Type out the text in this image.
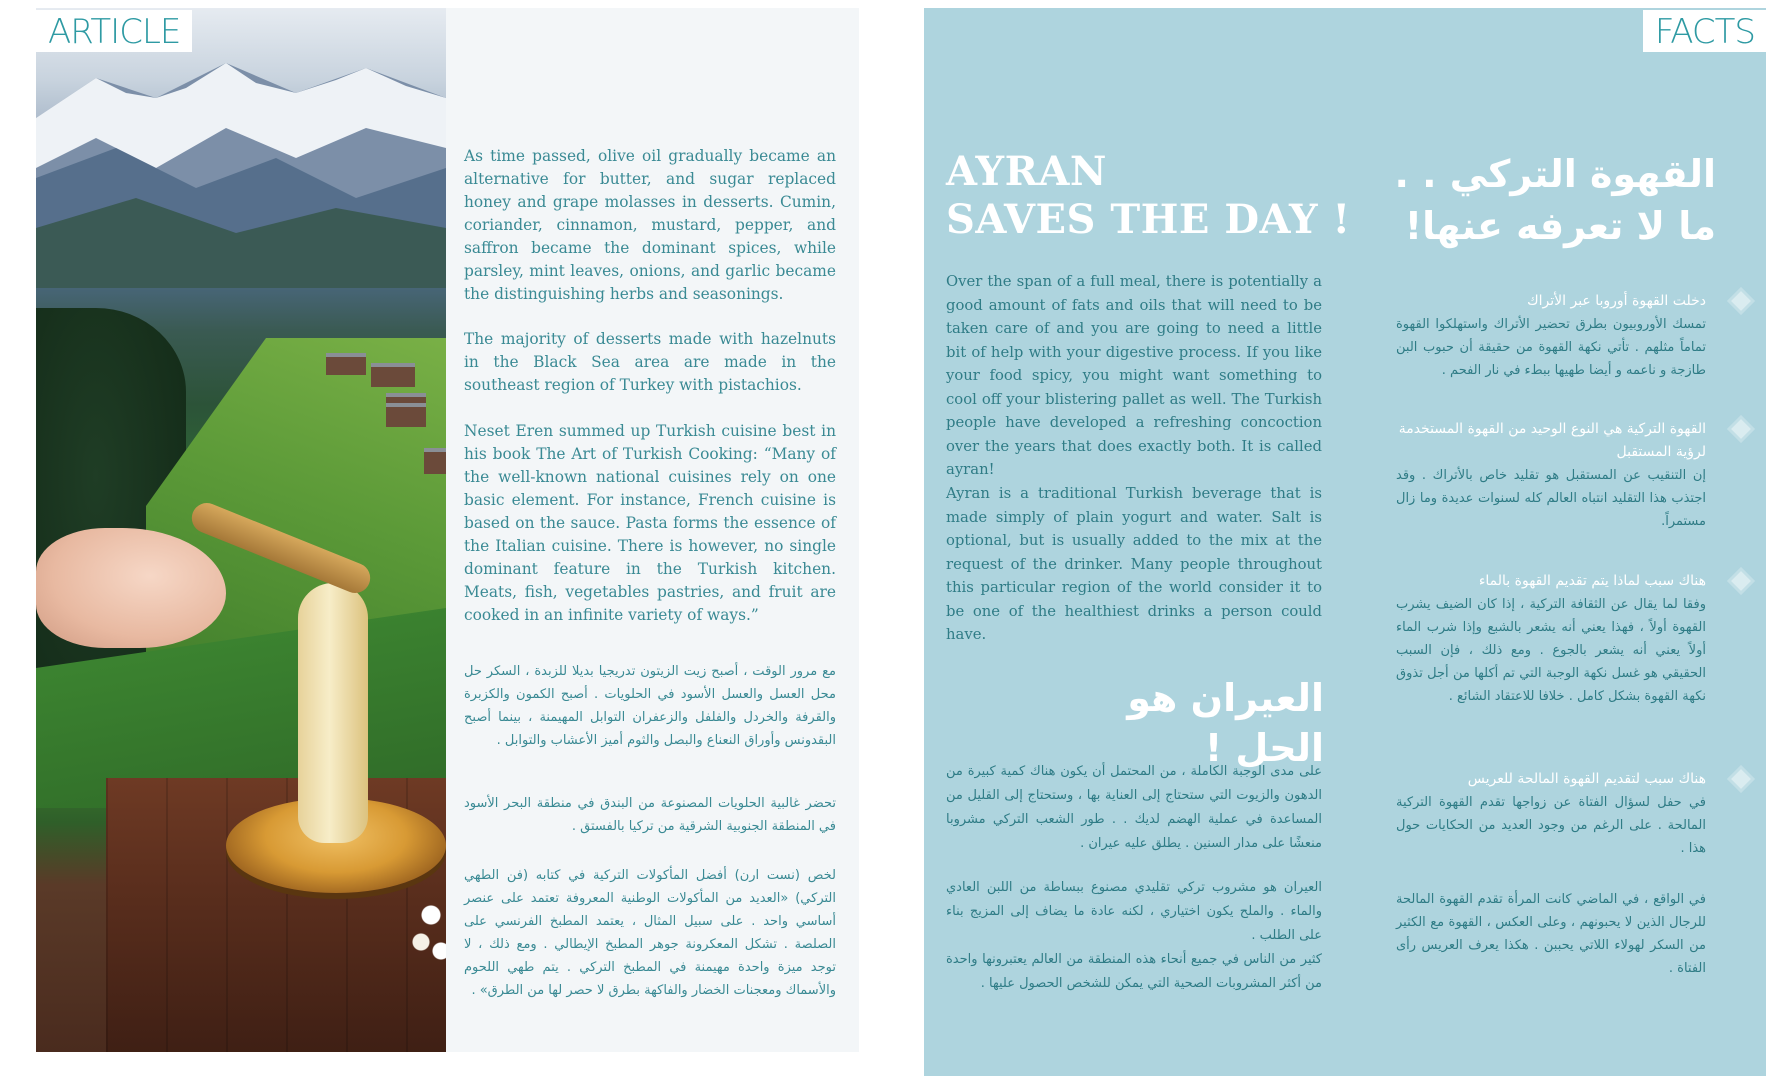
As time passed, olive oil gradually became an alternative for butter, and sugar replaced honey and grape molasses in desserts. Cumin, coriander, cinnamon, mustard, pepper, and saffron became the dominant spices, while parsley, mint leaves, onions, and garlic became the distinguishing herbs and seasonings.

The majority of desserts made with hazelnuts in the Black Sea area are made in the southeast region of Turkey with pistachios.

Neset Eren summed up Turkish cuisine best in his book The Art of Turkish Cooking: “Many of the well-known national cuisines rely on one basic element. For instance, French cuisine is based on the sauce. Pasta forms the essence of the Italian cuisine. There is however, no single dominant feature in the Turkish kitchen. Meats, fish, vegetables pastries, and fruit are cooked in an infinite variety of ways.”

مع مرور الوقت ، أصبح زيت الزيتون تدريجيا بديلا للزبدة ، السكر حل محل العسل والعسل الأسود في الحلويات . أصبح الكمون والكزبرة والقرفة والخردل والفلفل والزعفران التوابل المهيمنة ، بينما أصبح البقدونس وأوراق النعناع والبصل والثوم أميز الأعشاب والتوابل .

تحضر غالبية الحلويات المصنوعة من البندق في منطقة البحر الأسود في المنطقة الجنوبية الشرقية من تركيا بالفستق .

لخص (نست ارن) أفضل المأكولات التركية في كتابه (فن الطهي التركي) «العديد من المأكولات الوطنية المعروفة تعتمد على عنصر أساسي واحد . على سبيل المثال ، يعتمد المطبخ الفرنسي على الصلصة . تشكل المعكرونة جوهر المطبخ الإيطالي . ومع ذلك ، لا توجد ميزة واحدة مهيمنة في المطبخ التركي . يتم طهي اللحوم والأسماك ومعجنات الخضار والفاكهة بطرق لا حصر لها من الطرق» .

ARTICLE
AYRAN
SAVES THE DAY !

Over the span of a full meal, there is potentially a good amount of fats and oils that will need to be taken care of and you are going to need a little bit of help with your digestive process. If you like your food spicy, you might want something to cool off your blistering pallet as well. The Turkish people have developed a refreshing concoction over the years that does exactly both. It is called ayran!

Ayran is a traditional Turkish beverage that is made simply of plain yogurt and water. Salt is optional, but is usually added to the mix at the request of the drinker. Many people throughout this particular region of the world consider it to be one of the healthiest drinks a person could have.

العيران هو الحل !

على مدى الوجبة الكاملة ، من المحتمل أن يكون هناك كمية كبيرة من الدهون والزيوت التي ستحتاج إلى العناية بها ، وستحتاج إلى القليل من المساعدة في عملية الهضم لديك . . طور الشعب التركي مشروبا منعشًا على مدار السنين . يطلق عليه عيران .

العيران هو مشروب تركي تقليدي مصنوع ببساطة من اللبن العادي والماء . والملح يكون اختياري ، لكنه عادة ما يضاف إلى المزيج بناء على الطلب .

كثير من الناس في جميع أنحاء هذه المنطقة من العالم يعتبرونها واحدة من أكثر المشروبات الصحية التي يمكن للشخص الحصول عليها .

القهوة التركي . .
ما لا تعرفه عنها!

دخلت القهوة أوروبا عبر الأتراك

تمسك الأوروبيون بطرق تحضير الأتراك واستهلكوا القهوة تماماً مثلهم . تأتي نكهة القهوة من حقيقة أن حبوب البن طازجة و ناعمه و أيضا طهيها ببطء في نار الفحم .

القهوة التركية هي النوع الوحيد من القهوة المستخدمة لرؤية المستقبل

إن التنقيب عن المستقبل هو تقليد خاص بالأتراك . وقد اجتذب هذا التقليد انتباه العالم كله لسنوات عديدة وما زال مستمراً.

هناك سبب لماذا يتم تقديم القهوة بالماء

وفقا لما يقال عن الثقافة التركية ، إذا كان الضيف يشرب القهوة أولاً ، فهذا يعني أنه يشعر بالشبع وإذا شرب الماء أولاً يعني أنه يشعر بالجوع . ومع ذلك ، فإن السبب الحقيقي هو غسل نكهة الوجبة التي تم أكلها من أجل تذوق نكهة القهوة بشكل كامل . خلافا للاعتقاد الشائع .

هناك سبب لتقديم القهوة المالحة للعريس

في حفل لسؤال الفتاة عن زواجها تقدم القهوة التركية المالحة . على الرغم من وجود العديد من الحكايات حول هذا .

في الواقع ، في الماضي كانت المرأة تقدم القهوة المالحة للرجال الذين لا يحبونهم ، وعلى العكس ، القهوة مع الكثير من السكر لهولاء اللاتي يحببن . هكذا يعرف العريس رأى الفتاة .

FACTS
